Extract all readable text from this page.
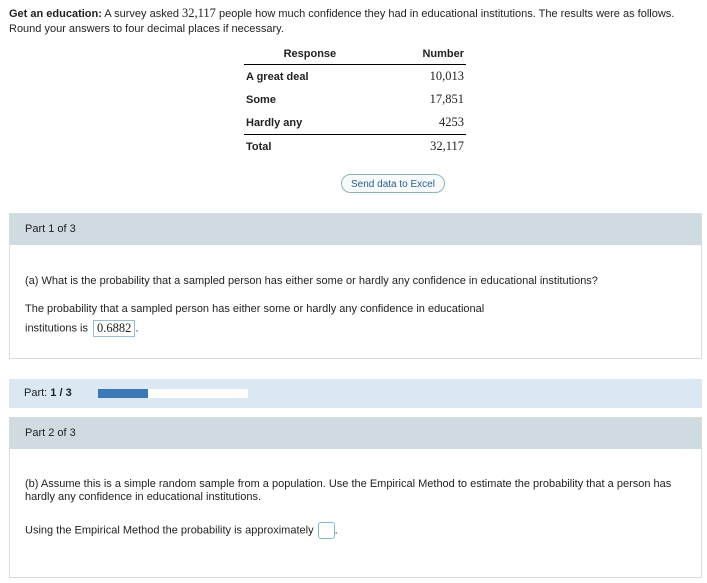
Get an education: A survey asked 32,117 people how much confidence they had in educational institutions. The results were as follows. Round your answers to four decimal places if necessary.
Response	Number
A great deal	10,013
Some	17,851
Hardly any	4253
Total	32,117
Send data to Excel
Part 1 of 3
(a) What is the probability that a sampled person has either some or hardly any confidence in educational institutions?
The probability that a sampled person has either some or hardly any confidence in educational
institutions is 0.6882 .
Part: 1 / 3
Part 2 of 3
(b) Assume this is a simple random sample from a population. Use the Empirical Method to estimate the probability that a person has hardly any confidence in educational institutions.
Using the Empirical Method the probability is approximately .
